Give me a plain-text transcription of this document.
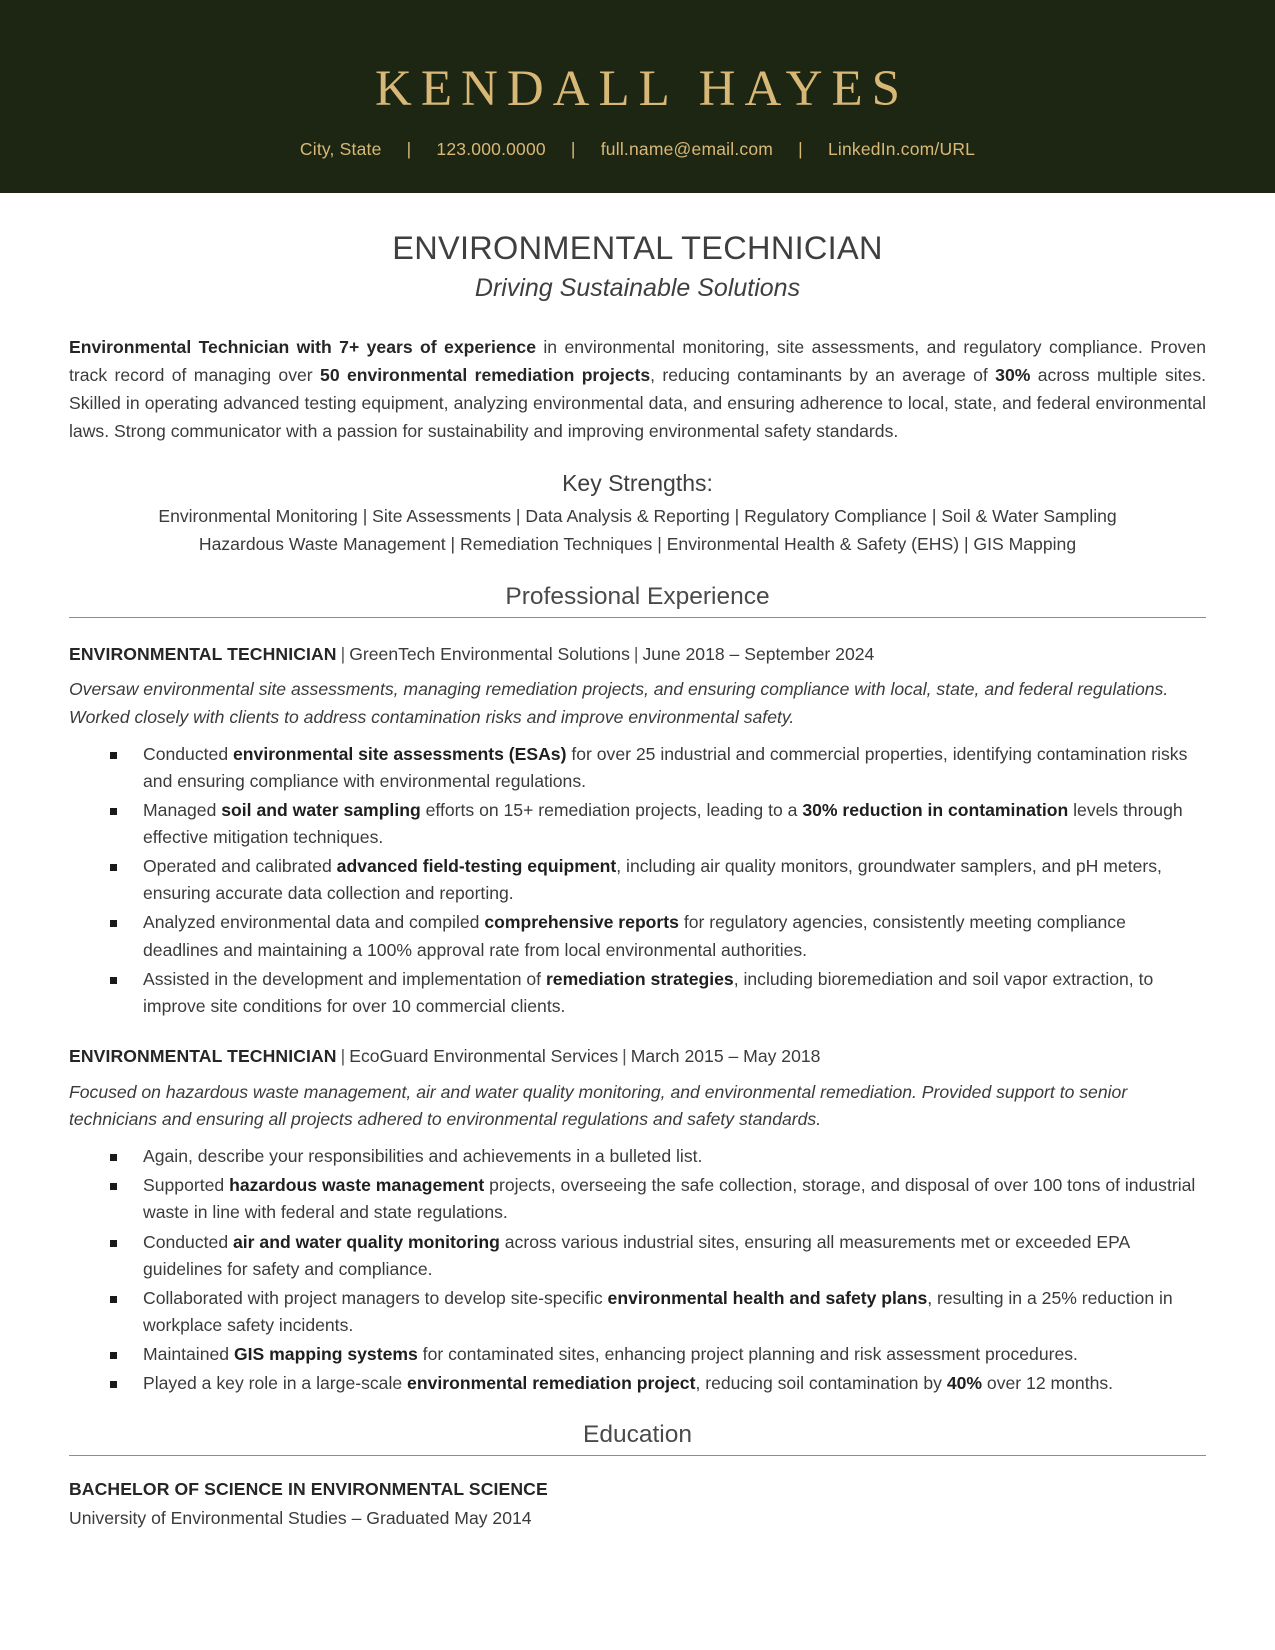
KENDALL HAYES
City, State | 123.000.0000 | full.name@email.com | LinkedIn.com/URL
ENVIRONMENTAL TECHNICIAN
Driving Sustainable Solutions
Environmental Technician with 7+ years of experience in environmental monitoring, site assessments, and regulatory compliance. Proven track record of managing over 50 environmental remediation projects, reducing contaminants by an average of 30% across multiple sites. Skilled in operating advanced testing equipment, analyzing environmental data, and ensuring adherence to local, state, and federal environmental laws. Strong communicator with a passion for sustainability and improving environmental safety standards.
Key Strengths:
Environmental Monitoring | Site Assessments | Data Analysis & Reporting | Regulatory Compliance | Soil & Water Sampling
Hazardous Waste Management | Remediation Techniques | Environmental Health & Safety (EHS) | GIS Mapping
Professional Experience
ENVIRONMENTAL TECHNICIAN | GreenTech Environmental Solutions | June 2018 – September 2024
Oversaw environmental site assessments, managing remediation projects, and ensuring compliance with local, state, and federal regulations. Worked closely with clients to address contamination risks and improve environmental safety.
Conducted environmental site assessments (ESAs) for over 25 industrial and commercial properties, identifying contamination risks and ensuring compliance with environmental regulations.
Managed soil and water sampling efforts on 15+ remediation projects, leading to a 30% reduction in contamination levels through effective mitigation techniques.
Operated and calibrated advanced field-testing equipment, including air quality monitors, groundwater samplers, and pH meters, ensuring accurate data collection and reporting.
Analyzed environmental data and compiled comprehensive reports for regulatory agencies, consistently meeting compliance deadlines and maintaining a 100% approval rate from local environmental authorities.
Assisted in the development and implementation of remediation strategies, including bioremediation and soil vapor extraction, to improve site conditions for over 10 commercial clients.
ENVIRONMENTAL TECHNICIAN | EcoGuard Environmental Services | March 2015 – May 2018
Focused on hazardous waste management, air and water quality monitoring, and environmental remediation. Provided support to senior technicians and ensuring all projects adhered to environmental regulations and safety standards.
Again, describe your responsibilities and achievements in a bulleted list.
Supported hazardous waste management projects, overseeing the safe collection, storage, and disposal of over 100 tons of industrial waste in line with federal and state regulations.
Conducted air and water quality monitoring across various industrial sites, ensuring all measurements met or exceeded EPA guidelines for safety and compliance.
Collaborated with project managers to develop site-specific environmental health and safety plans, resulting in a 25% reduction in workplace safety incidents.
Maintained GIS mapping systems for contaminated sites, enhancing project planning and risk assessment procedures.
Played a key role in a large-scale environmental remediation project, reducing soil contamination by 40% over 12 months.
Education
BACHELOR OF SCIENCE IN ENVIRONMENTAL SCIENCE
University of Environmental Studies – Graduated May 2014
